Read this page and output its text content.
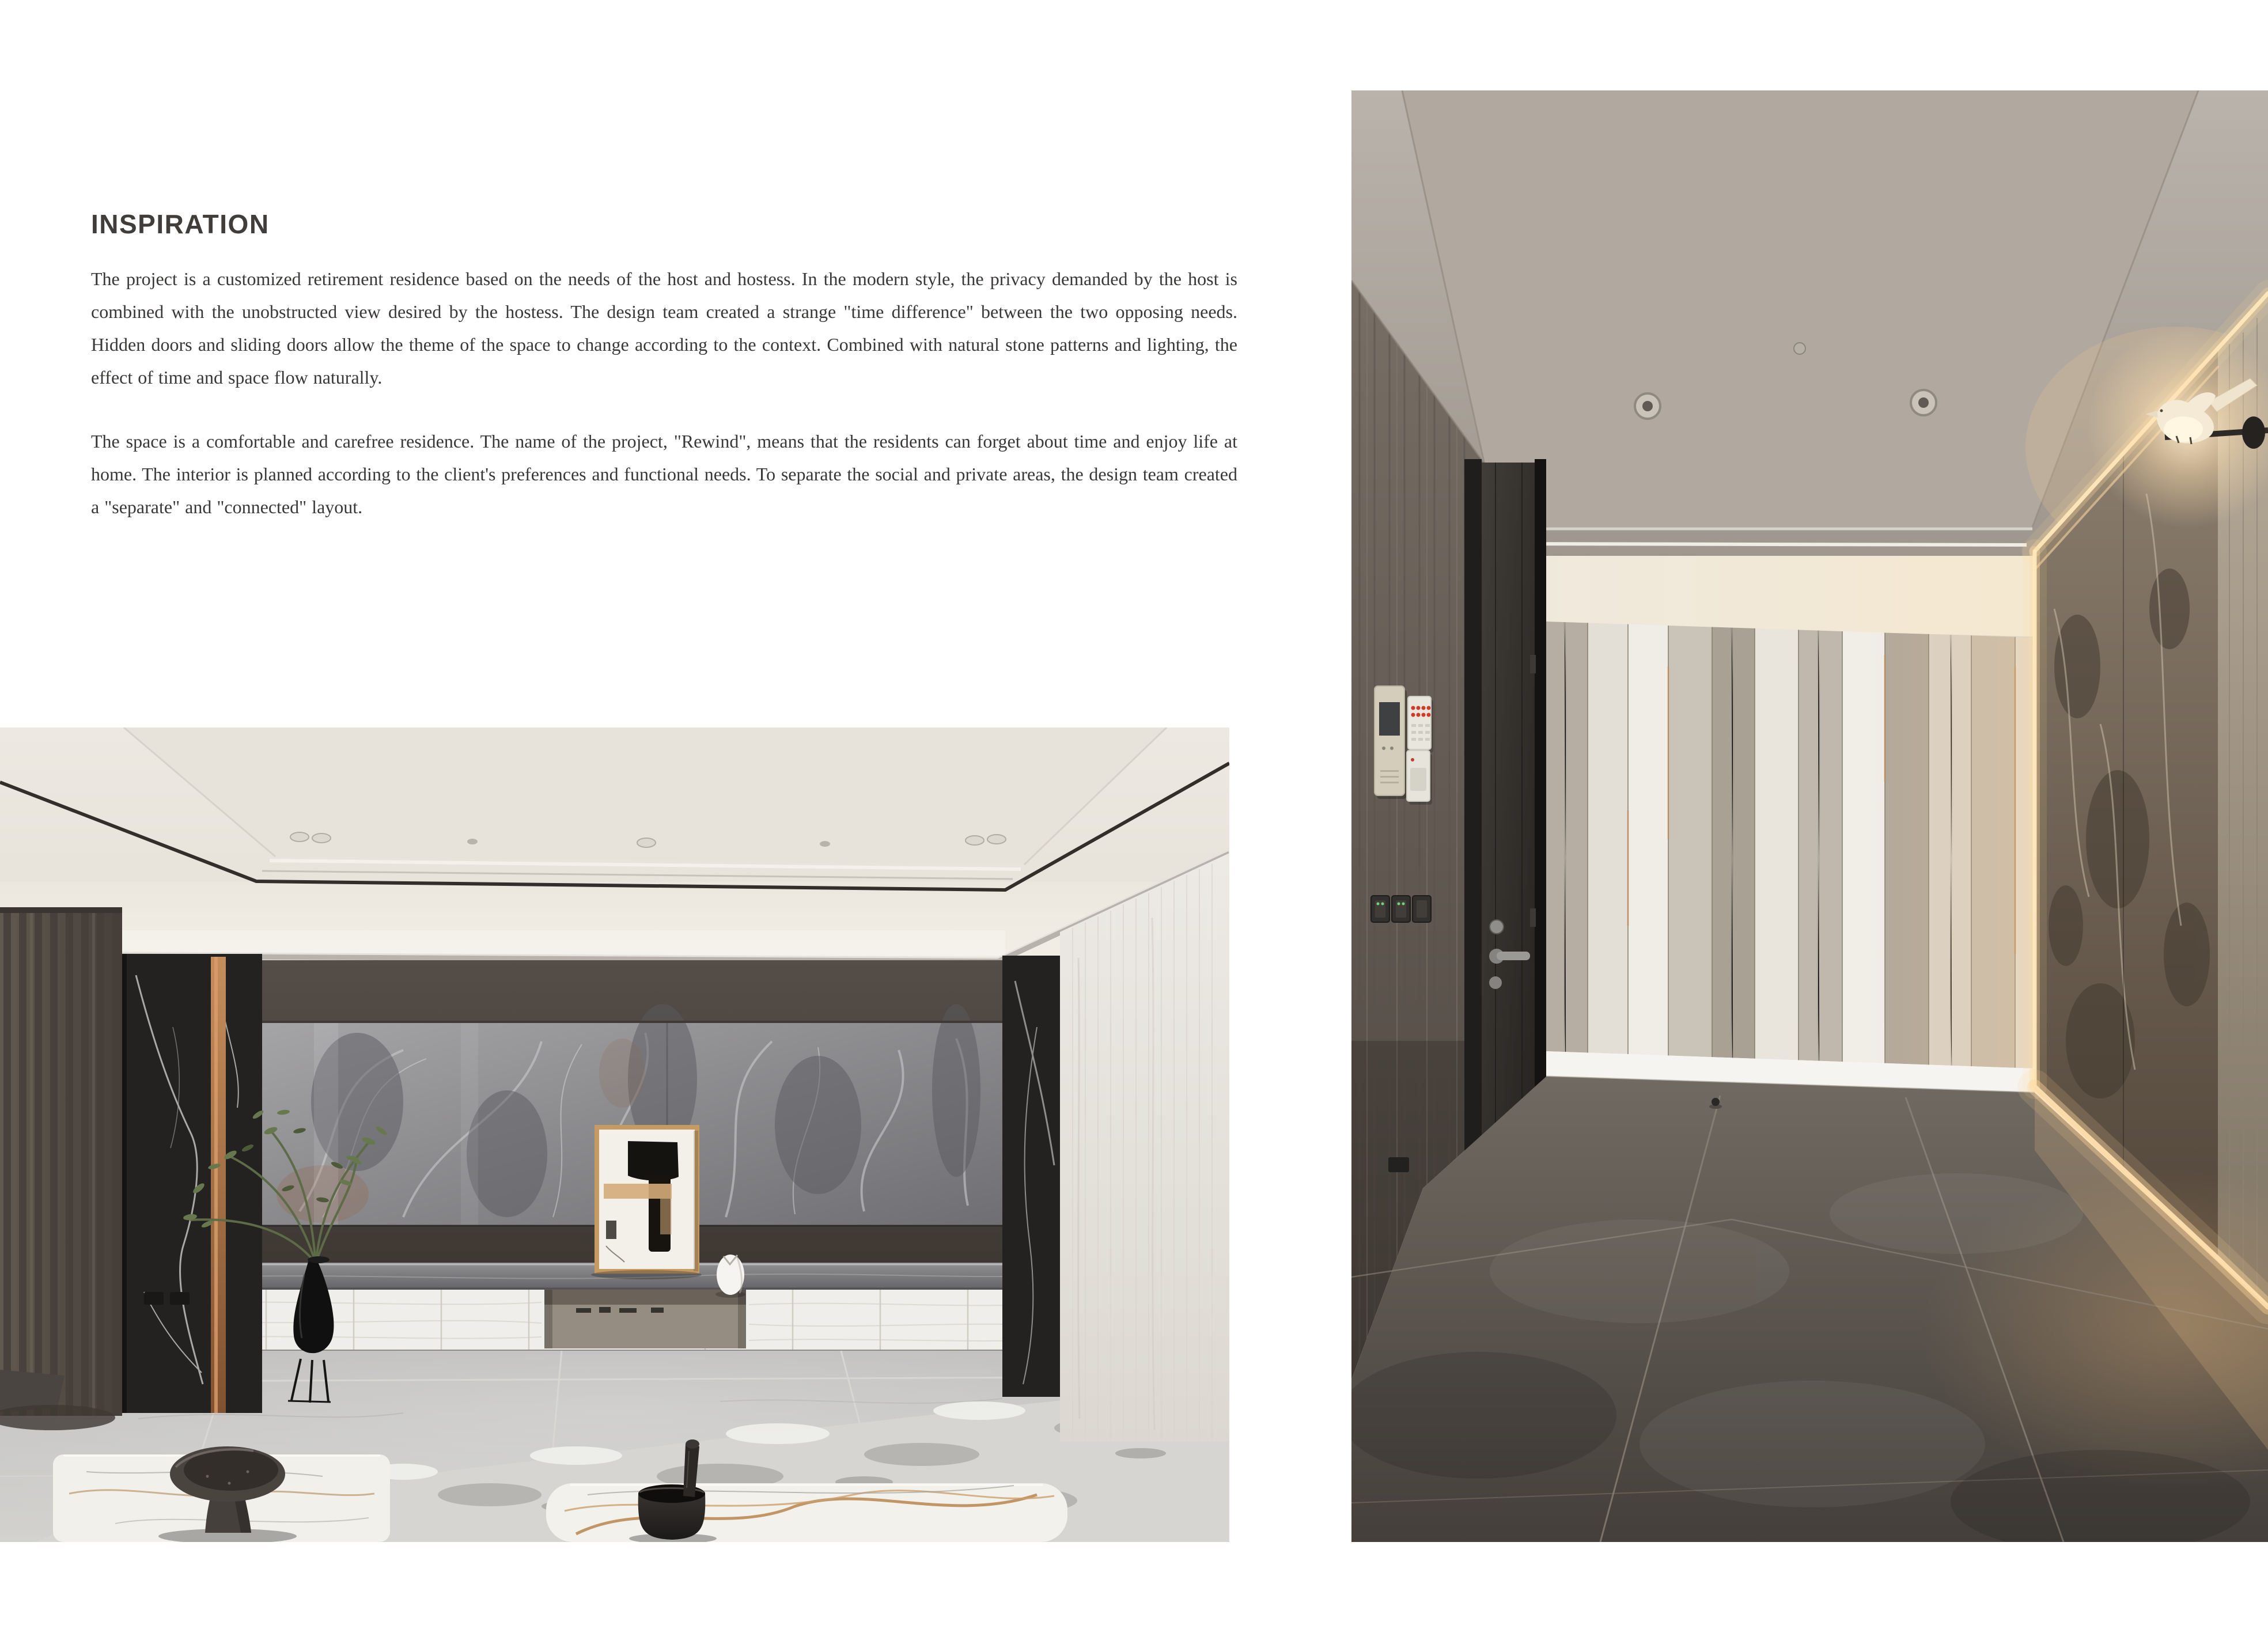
INSPIRATION

The project is a customized retirement residence based on the needs of the host and hostess. In the modern style, the privacy demanded by the host is combined with the unobstructed view desired by the hostess. The design team created a strange "time difference" between the two opposing needs. Hidden doors and sliding doors allow the theme of the space to change according to the context. Combined with natural stone patterns and lighting, the effect of time and space flow naturally.

The space is a comfortable and carefree residence. The name of the project, "Rewind", means that the residents can forget about time and enjoy life at home. The interior is planned according to the client's preferences and functional needs. To separate the social and private areas, the design team created a "separate" and "connected" layout.
